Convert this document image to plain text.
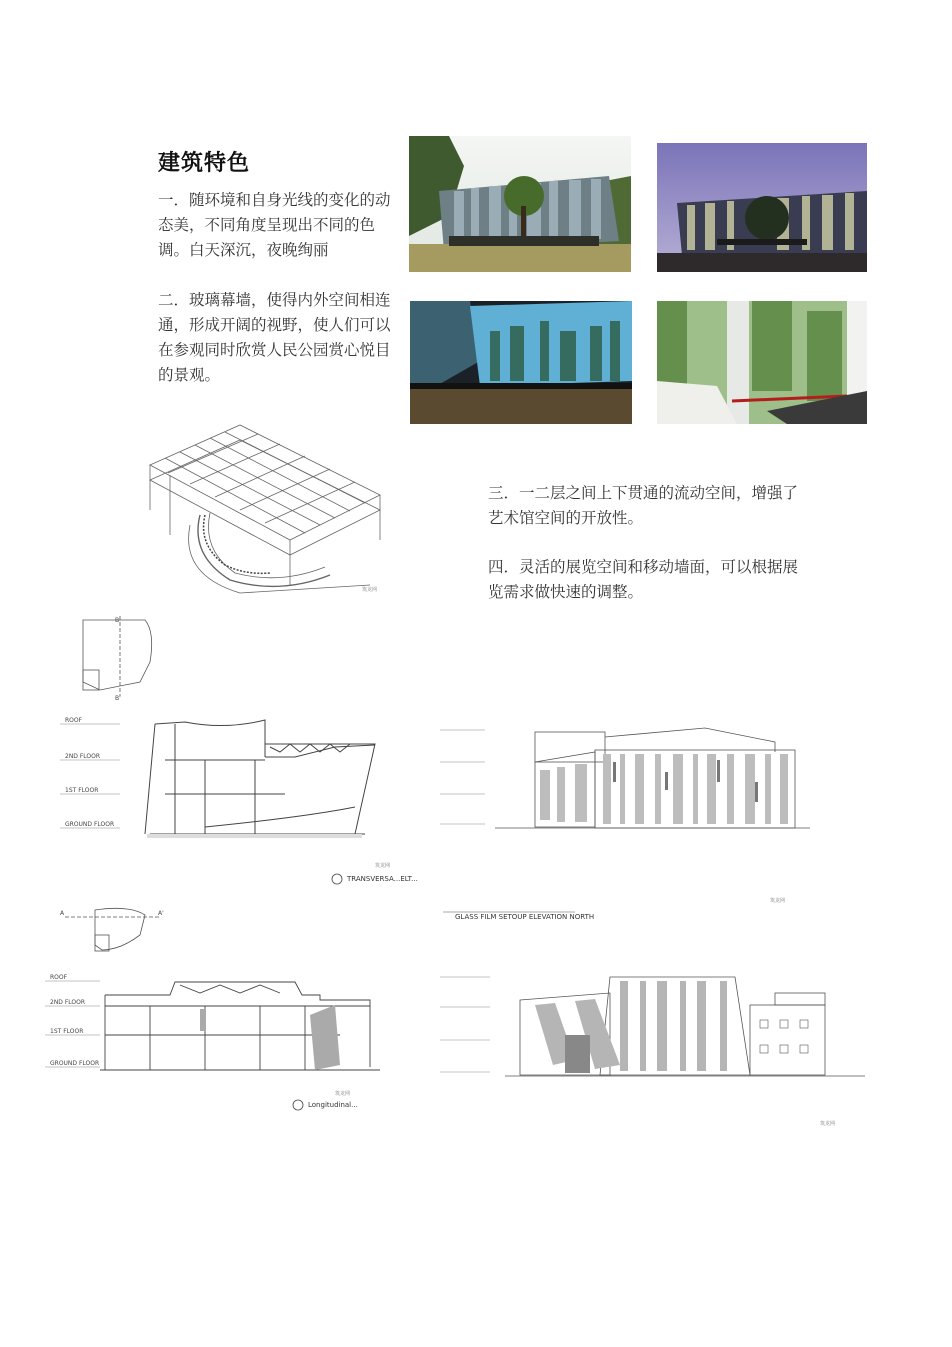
建筑特色
一．随环境和自身光线的变化的动态美，不同角度呈现出不同的色调。白天深沉，夜晚绚丽
二．玻璃幕墙，使得内外空间相连通，形成开阔的视野，使人们可以在参观同时欣赏人民公园赏心悦目的景观。
三．一二层之间上下贯通的流动空间，增强了艺术馆空间的开放性。
四．灵活的展览空间和移动墙面，可以根据展览需求做快速的调整。
筑龙网
B
B'
ROOF
2ND FLOOR
1ST FLOOR
GROUND FLOOR
TRANSVERSA...ELT...
筑龙网
GLASS FILM SETOUP ELEVATION NORTH
筑龙网
A	A'
ROOF
2ND FLOOR
1ST FLOOR
GROUND FLOOR
Longitudinal...
筑龙网
筑龙网
